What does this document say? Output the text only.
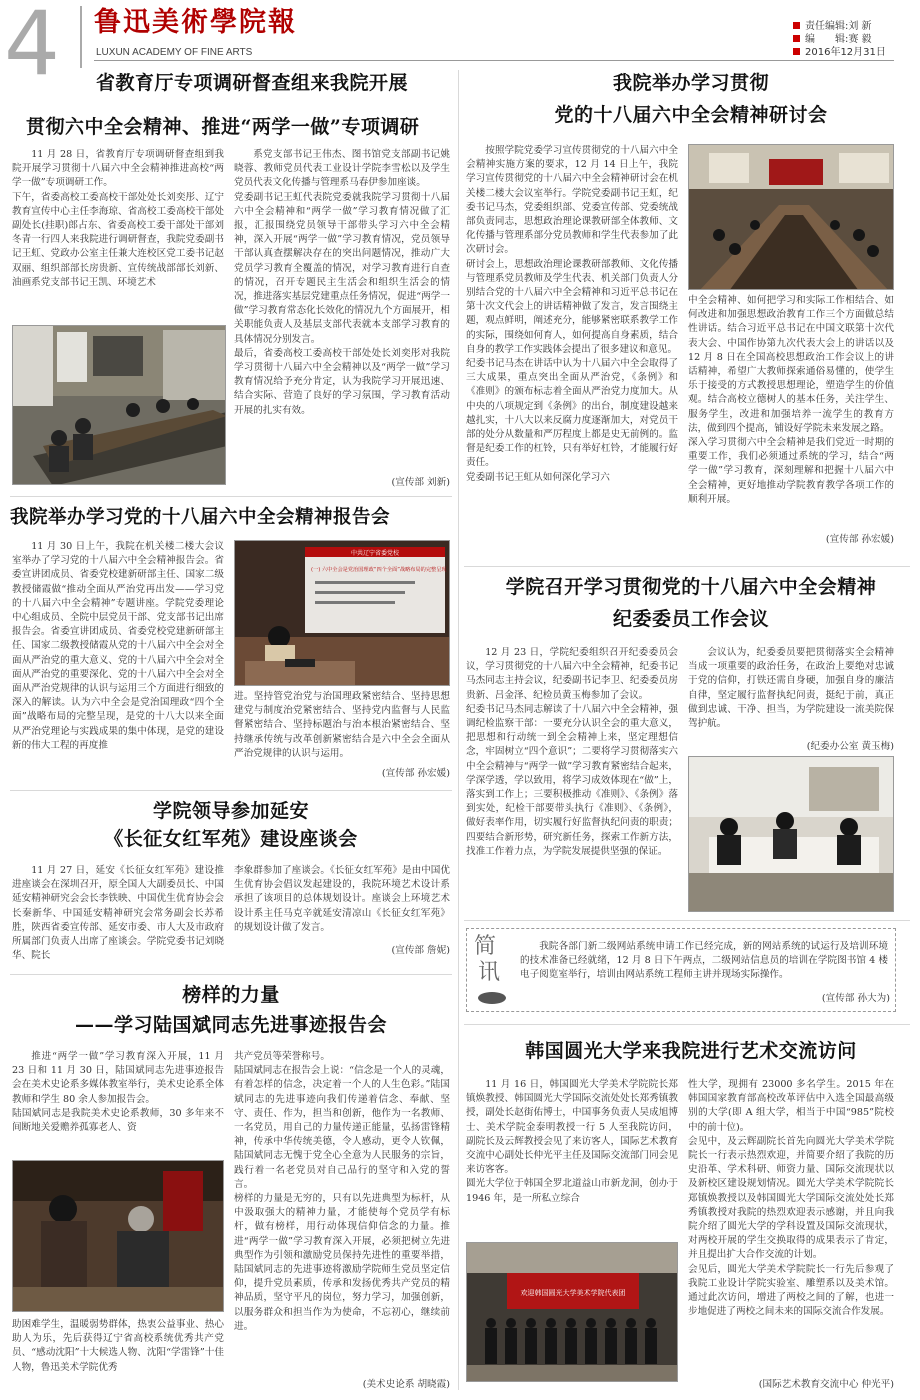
4 鲁迅美術學院報
LUXUN ACADEMY OF FINE ARTS
责任编辑:刘 新
编　　辑:赛 毅
2016年12月31日
省教育厅专项调研督查组来我院开展
贯彻六中全会精神、推进“两学一做”专项调研

11 月 28 日，省教育厅专项调研督查组到我院开展学习贯彻十八届六中全会精神推进高校“两学一做”专项调研工作。
下午，省委高校工委高校干部处处长刘奕彤、辽宁教育宣传中心主任李海琼、省高校工委高校干部处副处长(挂职)郎占东、省委高校工委干部处干部刘冬青一行四人来我院进行调研督查，我院党委副书记王虹、党政办公室主任兼大连校区党工委书记赵双丽、组织部部长房贵新、宣传统战部部长刘新、油画系党支部书记王凯、环境艺术

系党支部书记王伟杰、图书馆党支部副书记姚晓蓉、教师党员代表工业设计学院李雪松以及学生党员代表文化传播与管理系马春伊参加座谈。
党委副书记王虹代表院党委就我院学习贯彻十八届六中全会精神和“两学一做”学习教育情况做了汇报，汇报围绕党员领导干部带头学习六中全会精神，深入开展“两学一做”学习教育情况，党员领导干部认真查摆解决存在的突出问题情况，推动广大党员学习教育全覆盖的情况，对学习教育进行自查的情况，召开专题民主生活会和组织生活会的情况，推进落实基层党建重点任务情况，促进“两学一做”学习教育常态化长效化的情况九个方面展开，相关职能负责人及基层支部代表就本支部学习教育的具体情况分别发言。
最后，省委高校工委高校干部处处长刘奕彤对我院学习贯彻十八届六中全会精神以及“两学一做”学习教育情况给予充分肯定，认为我院学习开展迅速、结合实际、营造了良好的学习氛围，学习教育活动开展的扎实有效。

(宣传部 刘新)
我院举办学习党的十八届六中全会精神报告会

11 月 30 日上午，我院在机关楼二楼大会议室举办了学习党的十八届六中全会精神报告会。省委宣讲团成员、省委党校建新研部主任、国家二级教授储霞做“推动全面从严治党再出发——学习党的十八届六中全会精神”专题讲座。学院党委理论中心组成员、全院中层党员干部、党支部书记出席报告会。省委宣讲团成员、省委党校党建新研部主任、国家二级教授储霞从党的十八届六中全会对全面从严治党的重大意义、党的十八届六中全会对全面从严治党的重要深化、党的十八届六中全会对全面从严治党规律的认识与运用三个方面进行细致的深入的解读。认为六中全会是党治国理政“四个全面”战略布局的完整呈现，是党的十八大以来全面从严治党理论与实践成果的集中体现，是党的建设新的伟大工程的再度推

中共辽宁省委党校
(一) 六中全会是党治国理政“四个全面”战略布局的完整呈现

进。坚持管党治党与治国理政紧密结合、坚持思想建党与制度治党紧密结合、坚持党内监督与人民监督紧密结合、坚持标题治与治本根治紧密结合、坚持继承传统与改革创新紧密结合是六中全会全面从严治党规律的认识与运用。

(宣传部 孙宏媛)
学院领导参加延安
《长征女红军苑》建设座谈会

11 月 27 日，延安《长征女红军苑》建设推进座谈会在深圳召开，原全国人大副委员长、中国延安精神研究会会长李铁映、中国优生优育协会会长秦新华、中国延安精神研究会常务副会长苏希胜，陕西省委宣传部、延安市委、市人大及市政府所属部门负责人出席了座谈会。学院党委书记刘晓华、院长

李象群参加了座谈会。《长征女红军苑》是由中国优生优育协会倡议发起建设的，我院环境艺术设计系承担了该项目的总体规划设计。座谈会上环境艺术设计系主任马克辛就延安清凉山《长征女红军苑》的规划设计做了发言。

(宣传部 詹妮)
榜样的力量
——学习陆国斌同志先进事迹报告会

推进“两学一做”学习教育深入开展，11 月 23 日和 11 月 30 日，陆国斌同志先进事迹报告会在美术史论系多媒体教室举行，美术史论系全体教师和学生 80 余人参加报告会。
陆国斌同志是我院美术史论系教师，30 多年来不间断地关爱赡养孤寡老人、资

助困难学生，温暖弱势群体，热衷公益事业、热心助人为乐，先后获得辽宁省高校系统优秀共产党员、“感动沈阳”十大候选人物、沈阳“学雷锋”十佳人物，鲁迅美术学院优秀

共产党员等荣誉称号。
陆国斌同志在报告会上说：“信念是一个人的灵魂，有着怎样的信念，决定着一个人的人生色彩。”陆国斌同志的先进事迹向我们传递着信念、奉献、坚守、责任、作为，担当和创新，他作为一名教师、一名党员，用自己的力量传递正能量，弘扬雷锋精神，传承中华传统美德，令人感动，更令人钦佩，陆国斌同志无愧于党全心全意为人民服务的宗旨，践行着一名老党员对自己品行的坚守和入党的誓言。
榜样的力量是无穷的，只有以先进典型为标杆，从中汲取强大的精神力量，才能使每个党员学有标杆，做有榜样，用行动体现信仰信念的力量。推进“两学一做”学习教育深入开展，必须把树立先进典型作为引领和激励党员保持先进性的重要举措，陆国斌同志的先进事迹将激励学院师生党员坚定信仰，提升党员素质，传承和发扬优秀共产党员的精神品质，坚守平凡的岗位，努力学习，加强创新，以服务群众和担当作为为使命，不忘初心，继续前进。

(美术史论系 胡晓霞)
我院举办学习贯彻
党的十八届六中全会精神研讨会

按照学院党委学习宣传贯彻党的十八届六中全会精神实施方案的要求，12 月 14 日上午，我院学习宣传贯彻党的十八届六中全会精神研讨会在机关楼二楼大会议室举行。学院党委副书记王虹，纪委书记马杰，党委组织部、党委宣传部、党委统战部负责同志，思想政治理论课教研部全体教师、文化传播与管理系部分党员教师和学生代表参加了此次研讨会。
研讨会上，思想政治理论课教研部教师、文化传播与管理系党员教师及学生代表、机关部门负责人分别结合党的十八届六中全会精神和习近平总书记在第十次文代会上的讲话精神做了发言，发言围绕主题，观点鲜明，阐述充分，能够紧密联系教学工作的实际，围绕如何育人，如何提高自身素质，结合自身的教学工作实践体会提出了很多建议和意见。
纪委书记马杰在讲话中认为十八届六中全会取得了三大成果，重点突出全面从严治党，《条例》和《准则》的颁布标志着全面从严治党力度加大。从中央的八项规定到《条例》的出台，制度建设越来越扎实，十八大以来反腐力度逐渐加大，对党员干部的处分从数量和严厉程度上都是史无前例的。监督是纪委工作的杠铃，只有举好杠铃，才能履行好责任。
党委副书记王虹从如何深化学习六

中全会精神、如何把学习和实际工作相结合、如何改进和加强思想政治教育工作三个方面做总结性讲话。结合习近平总书记在中国文联第十次代表大会、中国作协第九次代表大会上的讲话以及 12 月 8 日在全国高校思想政治工作会议上的讲话精神，希望广大教师探索通俗易懂的，使学生乐于接受的方式教授思想理论，塑造学生的价值观。结合高校立德树人的基本任务，关注学生、服务学生，改进和加强培养一流学生的教育方法，做到四个提高，铺设好学院未来发展之路。
深入学习贯彻六中全会精神是我们党近一时期的重要工作，我们必须通过系统的学习，结合“两学一做”学习教育，深刻理解和把握十八届六中全会精神，更好地推动学院教育教学各项工作的顺利开展。

(宣传部 孙宏媛)
学院召开学习贯彻党的十八届六中全会精神
纪委委员工作会议

12 月 23 日，学院纪委组织召开纪委委员会议，学习贯彻党的十八届六中全会精神，纪委书记马杰同志主持会议，纪委副书记李卫、纪委委员房贵新、吕金泽、纪检员黄玉梅参加了会议。
纪委书记马杰同志解读了十八届六中全会精神，强调纪检监察干部：一要充分认识全会的重大意义，把思想和行动统一到全会精神上来，坚定理想信念，牢固树立“四个意识”；二要将学习贯彻落实六中全会精神与“两学一做”学习教育紧密结合起来，学深学透，学以致用，将学习成效体现在“做”上，落实到工作上；三要积极推动《准则》、《条例》落到实处，纪检干部要带头执行《准则》、《条例》，做好表率作用，切实履行好监督执纪问责的职责；四要结合新形势，研究新任务，探索工作新方法，找准工作着力点，为学院发展提供坚强的保证。

会议认为，纪委委员要把贯彻落实全会精神当成一项重要的政治任务，在政治上要绝对忠诚于党的信仰，打铁还需自身硬，加强自身的廉洁自律，坚定履行监督执纪问责，挺纪于前，真正做到忠诚、干净、担当，为学院建设一流美院保驾护航。

(纪委办公室 黄玉梅)
简
讯

我院各部门新二级网站系统申请工作已经完成，新的网站系统的试运行及培训环境的技术准备已经就绪，12 月 8 日下午两点，二级网站信息员的培训在学院图书馆 4 楼电子阅览室举行，培训由网站系统工程师主讲并现场实际操作。

(宣传部 孙大为)
韩国圆光大学来我院进行艺术交流访问

11 月 16 日，韩国圆光大学美术学院院长郑镇焕教授、韩国圆光大学国际交流处处长郑秀镇教授，副处长赵街佑博士，中国事务负责人吴成旭博士、美术学院金泰明教授一行 5 人至我院访问，副院长及云辉教授会见了来访客人，国际艺术教育交流中心副处长仲光平主任及国际交流部门同会见来访客客。
圆光大学位于韩国全罗北道益山市新龙洞，创办于 1946 年，是一所私立综合

欢迎韩国圆光大学美术学院代表团

性大学，现拥有 23000 多名学生。2015 年在韩国国家教育部高校改革评估中入选全国最高级别的大学(即 A 组大学，相当于中国“985”院校中的前十位)。
会见中，及云辉副院长首先向圆光大学美术学院院长一行表示热烈欢迎，并简要介绍了我院的历史沿革、学术科研、师资力量、国际交流现状以及新校区建设规划情况。圆光大学美术学院院长郑镇焕教授以及韩国圆光大学国际交流处处长郑秀镇教授对我院的热烈欢迎表示感谢，并且向我院介绍了圆光大学的学科设置及国际交流现状，对两校开展的学生交换取得的成果表示了肯定，并且提出扩大合作交流的计划。
会见后，圆光大学美术学院院长一行先后参观了我院工业设计学院实验室、雕塑系以及美术馆。通过此次访问，增进了两校之间的了解，也进一步地促进了两校之间未来的国际交流合作发展。

(国际艺术教育交流中心 仲光平)
